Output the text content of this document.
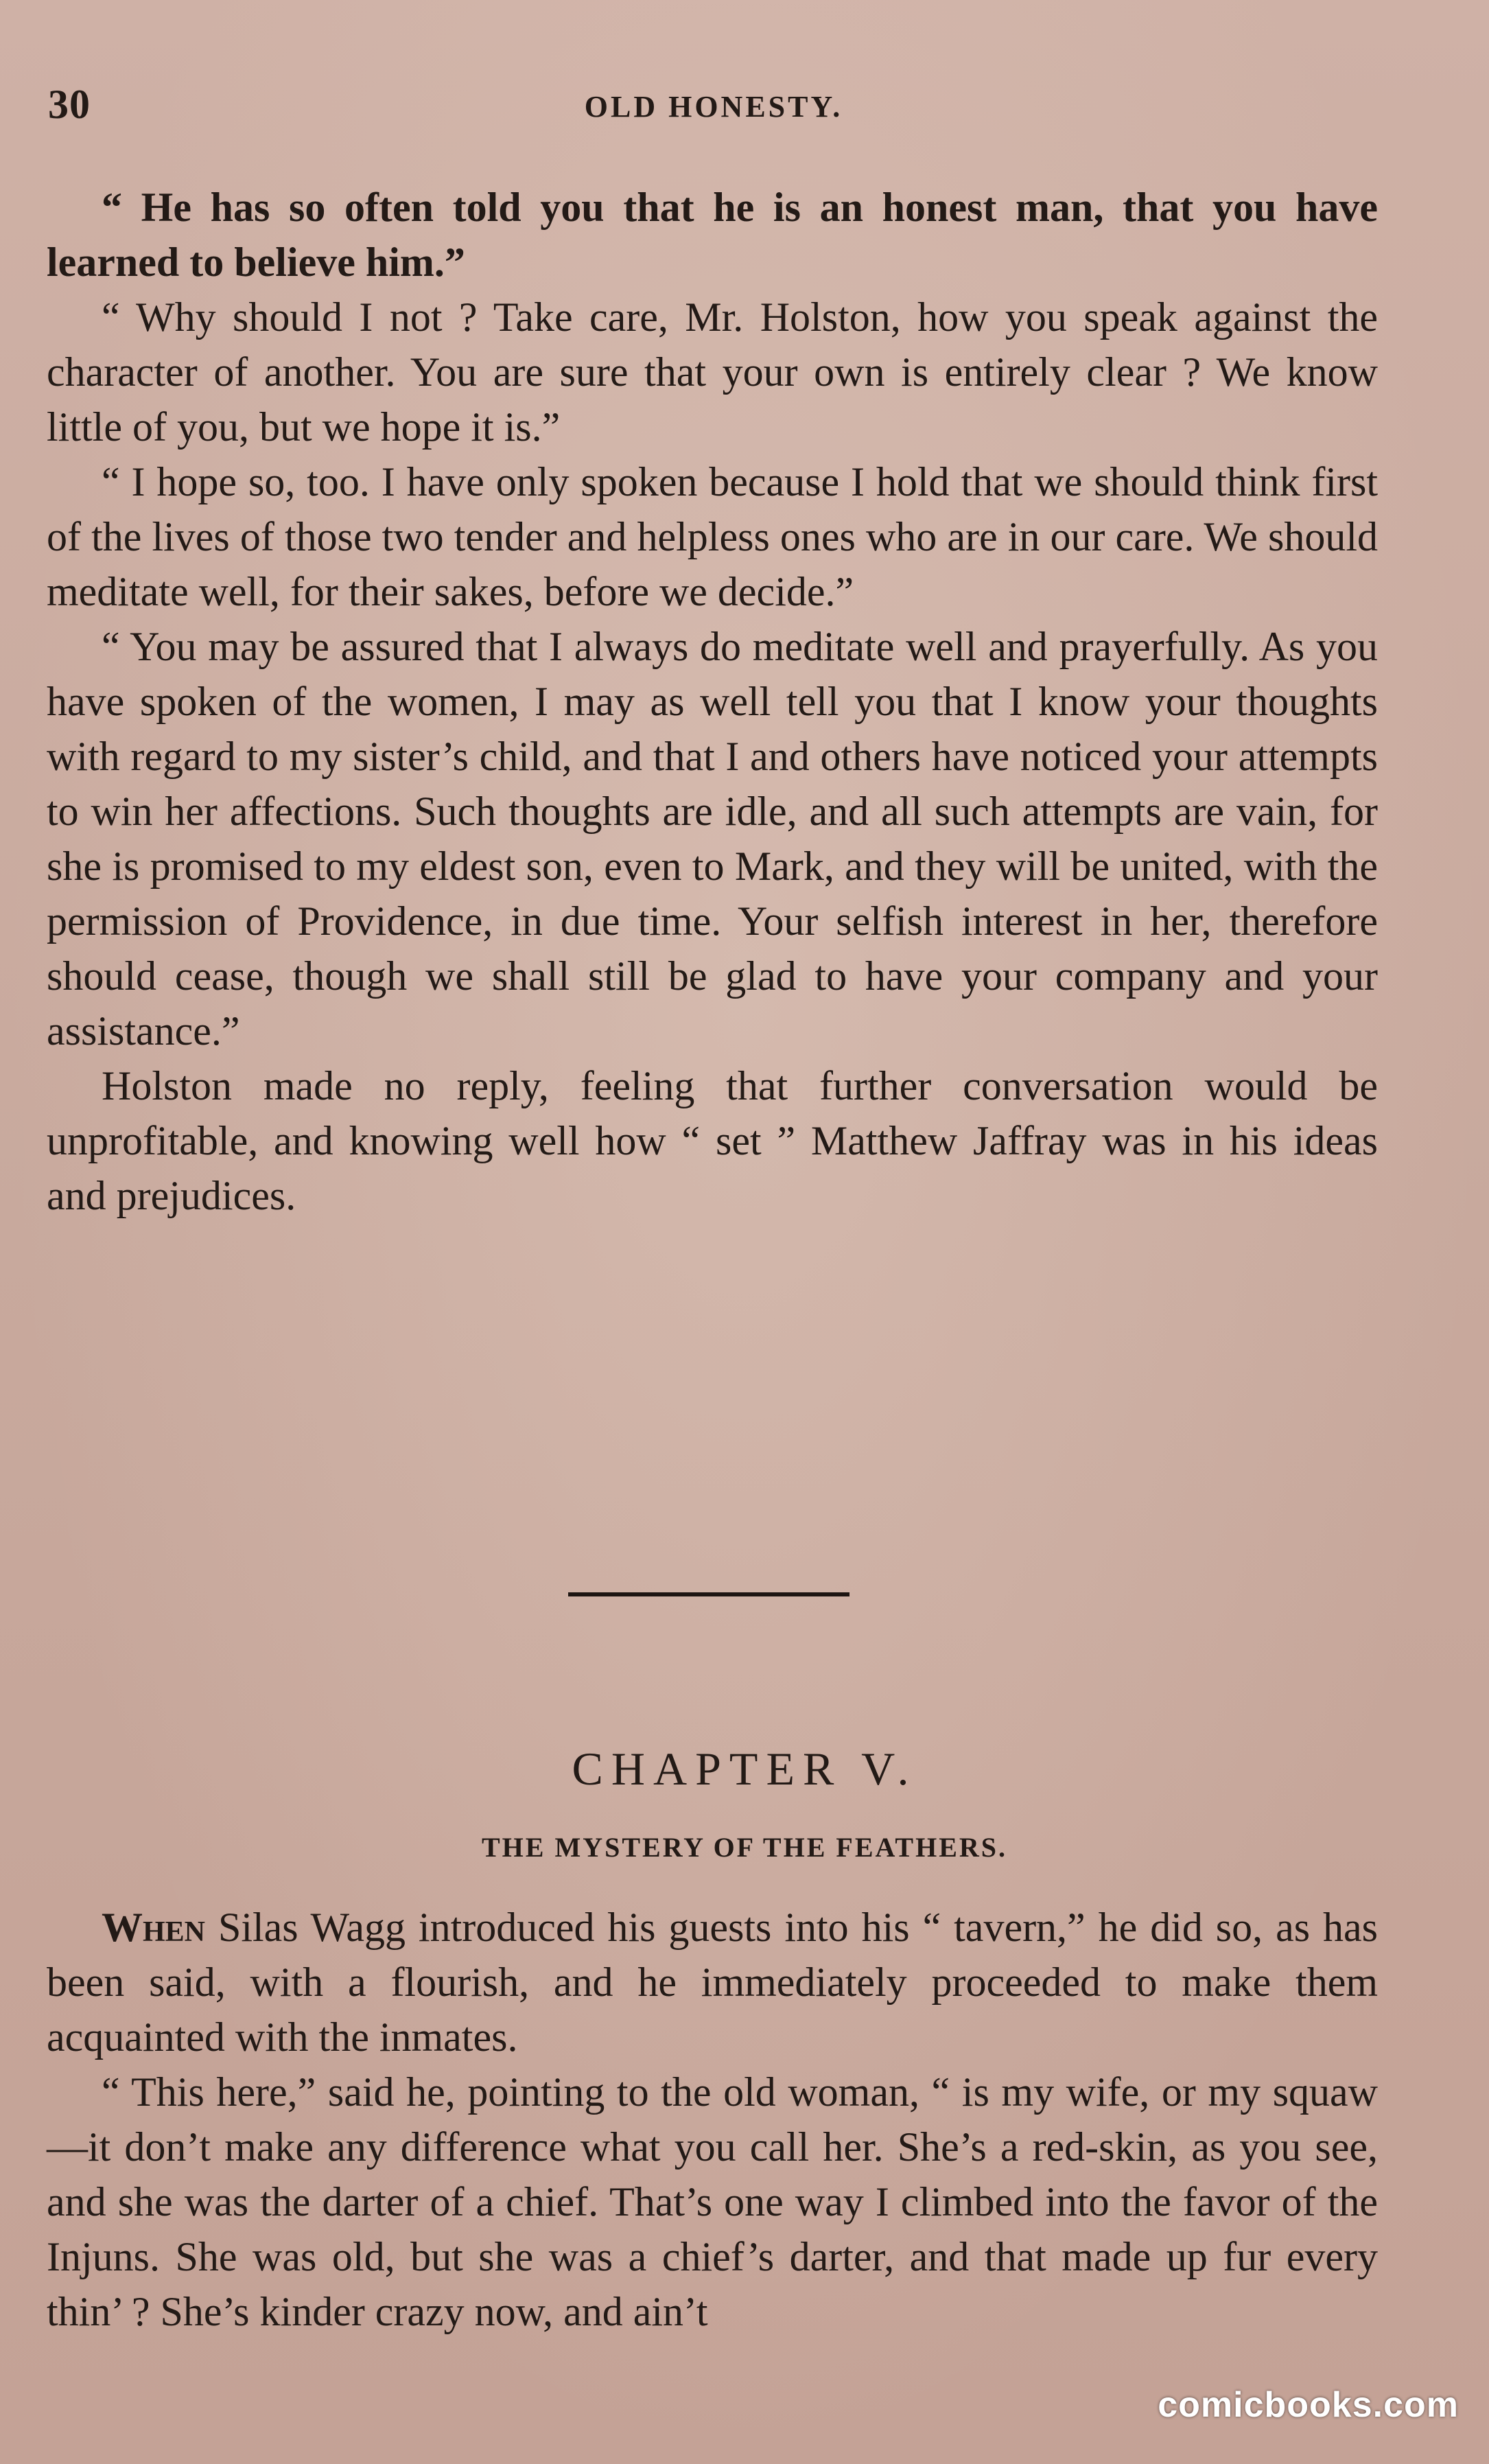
30	OLD HONESTY.

“ He has so often told you that he is an honest man, that you have learned to believe him.”

“ Why should I not ? Take care, Mr. Holston, how you speak against the character of another. You are sure that your own is entirely clear ? We know little of you, but we hope it is.”

“ I hope so, too. I have only spoken because I hold that we should think first of the lives of those two tender and helpless ones who are in our care. We should meditate well, for their sakes, before we decide.”

“ You may be assured that I always do meditate well and prayerfully. As you have spoken of the women, I may as well tell you that I know your thoughts with regard to my sister’s child, and that I and others have noticed your attempts to win her affections. Such thoughts are idle, and all such attempts are vain, for she is promised to my eldest son, even to Mark, and they will be united, with the permission of Providence, in due time. Your selfish interest in her, therefore should cease, though we shall still be glad to have your company and your assistance.”

Holston made no reply, feeling that further conversation would be unprofitable, and knowing well how “ set ” Matthew Jaffray was in his ideas and prejudices.

CHAPTER V.
THE MYSTERY OF THE FEATHERS.

When Silas Wagg introduced his guests into his “ tavern,” he did so, as has been said, with a flourish, and he immediately proceeded to make them acquainted with the inmates.

“ This here,” said he, pointing to the old woman, “ is my wife, or my squaw—it don’t make any difference what you call her. She’s a red-skin, as you see, and she was the darter of a chief. That’s one way I climbed into the favor of the Injuns. She was old, but she was a chief’s darter, and that made up fur every thin’ ? She’s kinder crazy now, and ain’t

comicbooks.com
